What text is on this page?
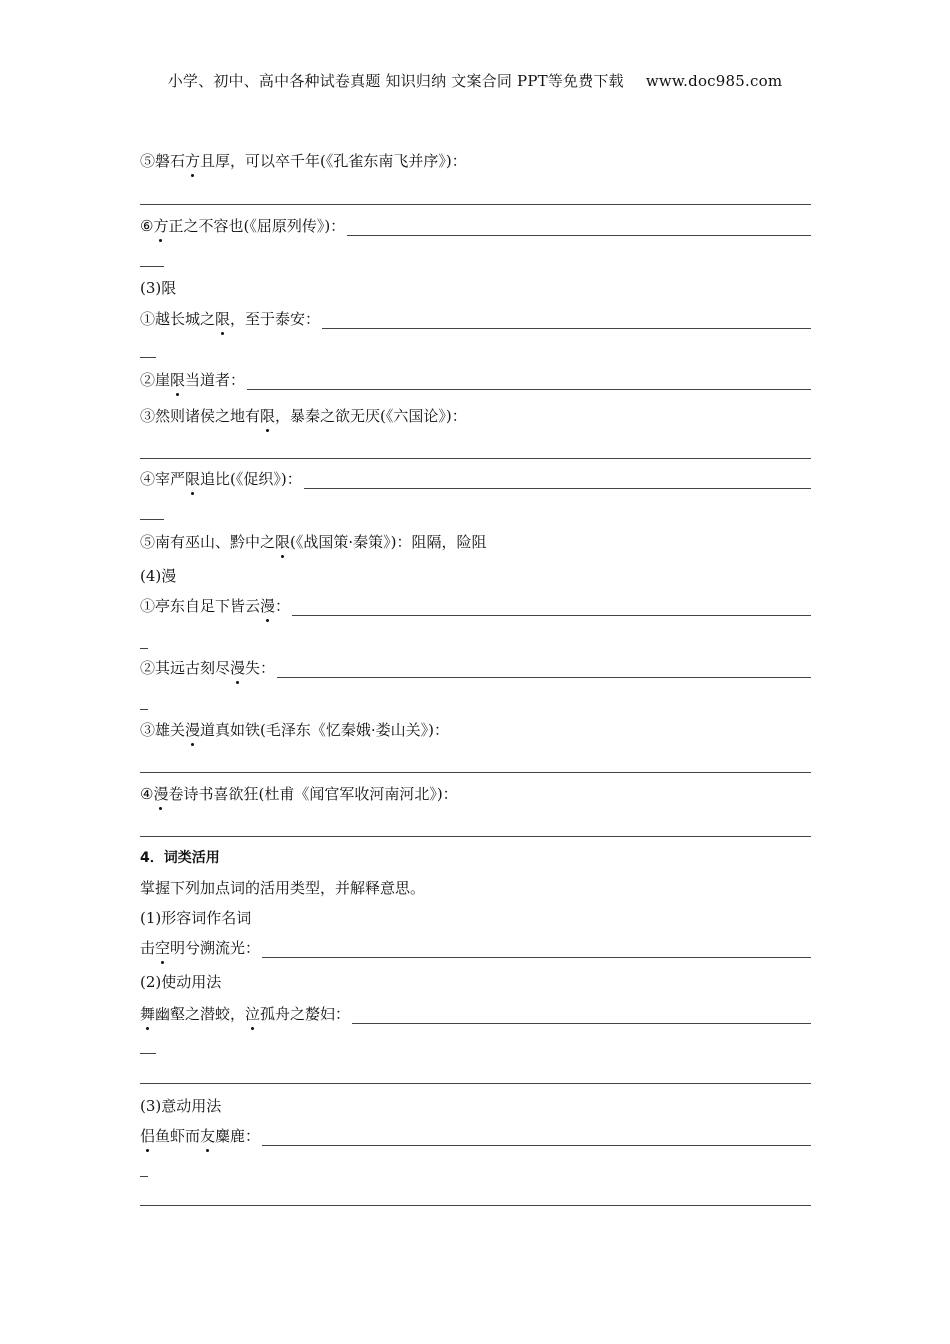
小学、初中、高中各种试卷真题 知识归纳 文案合同 PPT等免费下载 www.doc985.com
⑤磐石方且厚，可以卒千年(《孔雀东南飞并序》)：
⑥方正之不容也(《屈原列传》)：
(3)限
①越长城之限，至于泰安：
②崖限当道者：
③然则诸侯之地有限，暴秦之欲无厌(《六国论》)：
④宰严限追比(《促织》)：
⑤南有巫山、黔中之限(《战国策·秦策》)：阻隔，险阻
(4)漫
①亭东自足下皆云漫：
②其远古刻尽漫失：
③雄关漫道真如铁(毛泽东《忆秦娥·娄山关》)：
④漫卷诗书喜欲狂(杜甫《闻官军收河南河北》)：
4．词类活用
掌握下列加点词的活用类型，并解释意思。
(1)形容词作名词
击空明兮溯流光：
(2)使动用法
舞幽壑之潜蛟，泣孤舟之嫠妇：
(3)意动用法
侣鱼虾而友麋鹿：
